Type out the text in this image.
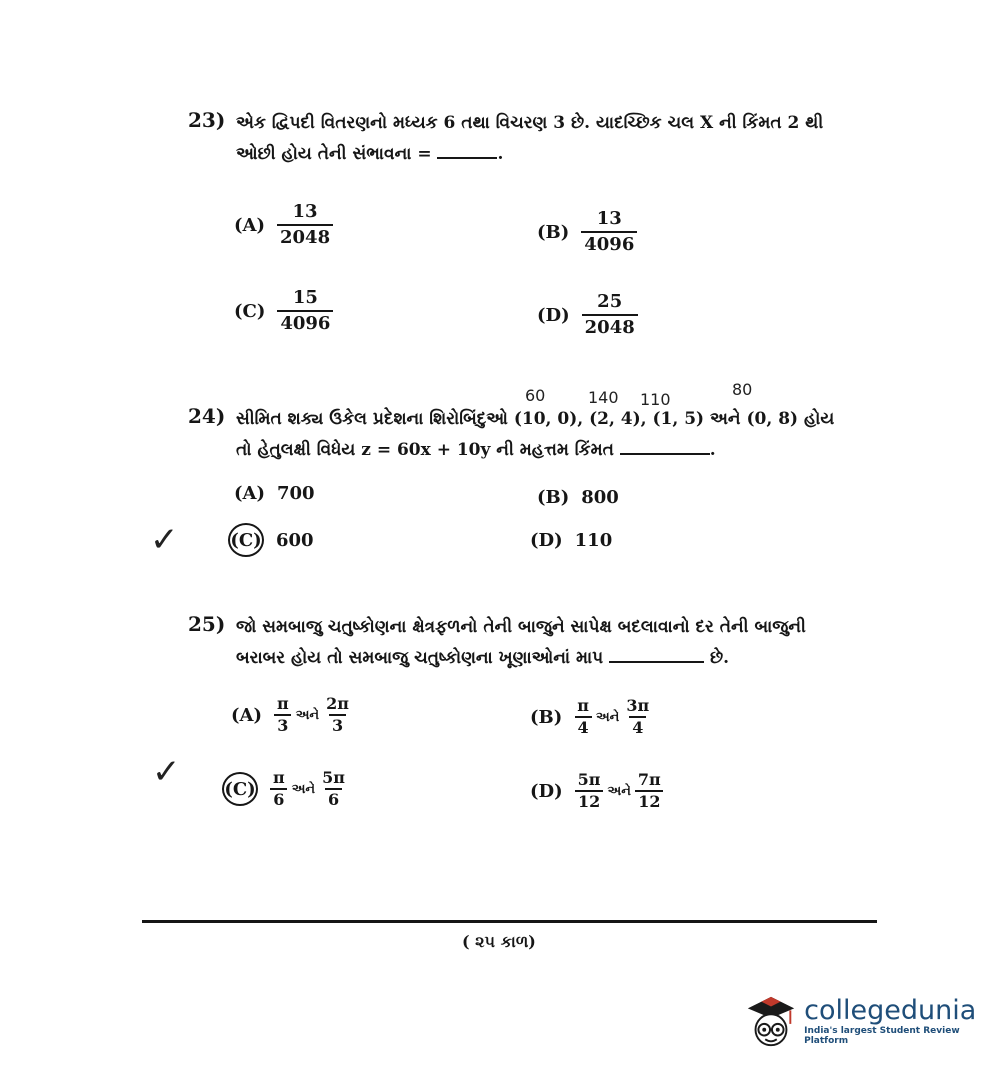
23) એક દ્વિપદી વિતરણનો મધ્યક 6 તથા વિચરણ 3 છે. યાદચ્છિક ચલ X ની કિંમત 2 થી ઓછી હોય તેની સંભાવના =	.
$(A) \frac{13}{2048}$	$(B) \frac{13}{4096}$
$(C) \frac{15}{4096}$	$(D) \frac{25}{2048}$
60	140 110
80
24) સીમિત શક્ય ઉકેલ પ્રદેશના શિરોબિંદુઓ (10, 0), (2, 4), (1, 5) અને (0, 8) હોય તો હેતુલક્ષી વિધેય z = 60x + 10y ની મહત્તમ કિંમત	.
(A) 700	(B) 800
✓	(C) 600	(D) 110
25) જો સમબાજુ ચતુષ્કોણના ક્ષેત્રફળનો તેની બાજુને સાપેક્ષ બદલાવાનો દર તેની બાજુની બરાબર હોય તો સમબાજુ ચતુષ્કોણના ખૂણાઓનાં માપ	છે.
$(A) \frac{\pi}{3}$ અને $\frac{2\pi}{3}$	$(B) \frac{\pi}{4}$ અને $\frac{3\pi}{4}$
✓ $(C) \frac{\pi}{6}$ અને $\frac{5\pi}{6}$	$(D) \frac{5\pi}{12}$ અને $\frac{7\pi}{12}$
( ૨૫ કાળ)
collegedunia
India's largest Student Review Platform
